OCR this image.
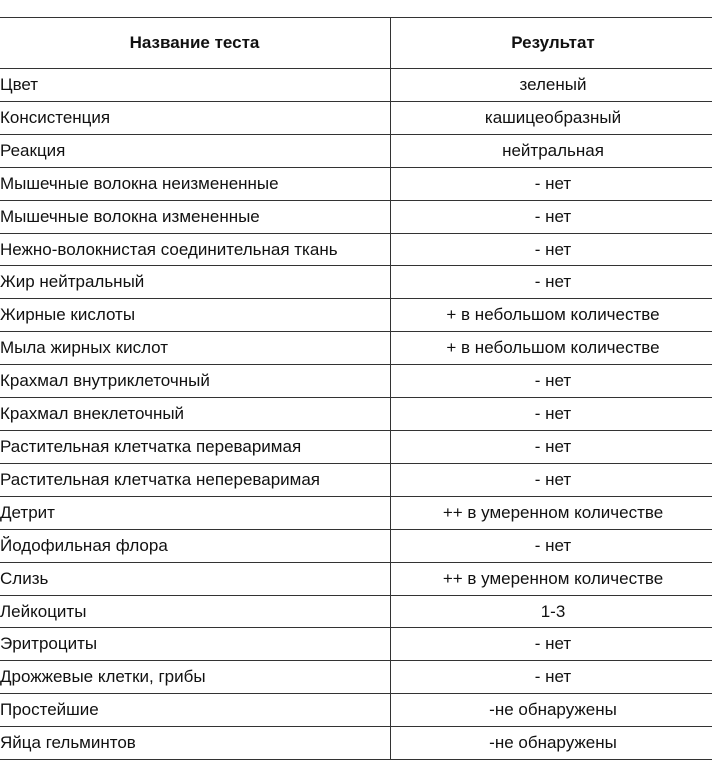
Название теста	Результат
Цвет	зеленый
Консистенция	кашицеобразный
Реакция	нейтральная
Мышечные волокна неизмененные	- нет
Мышечные волокна измененные	- нет
Нежно-волокнистая соединительная ткань	- нет
Жир нейтральный	- нет
Жирные кислоты	+ в небольшом количестве
Мыла жирных кислот	+ в небольшом количестве
Крахмал внутриклеточный	- нет
Крахмал внеклеточный	- нет
Растительная клетчатка переваримая	- нет
Растительная клетчатка непереваримая	- нет
Детрит	++ в умеренном количестве
Йодофильная флора	- нет
Слизь	++ в умеренном количестве
Лейкоциты	1-3
Эритроциты	- нет
Дрожжевые клетки, грибы	- нет
Простейшие	-не обнаружены
Яйца гельминтов	-не обнаружены
